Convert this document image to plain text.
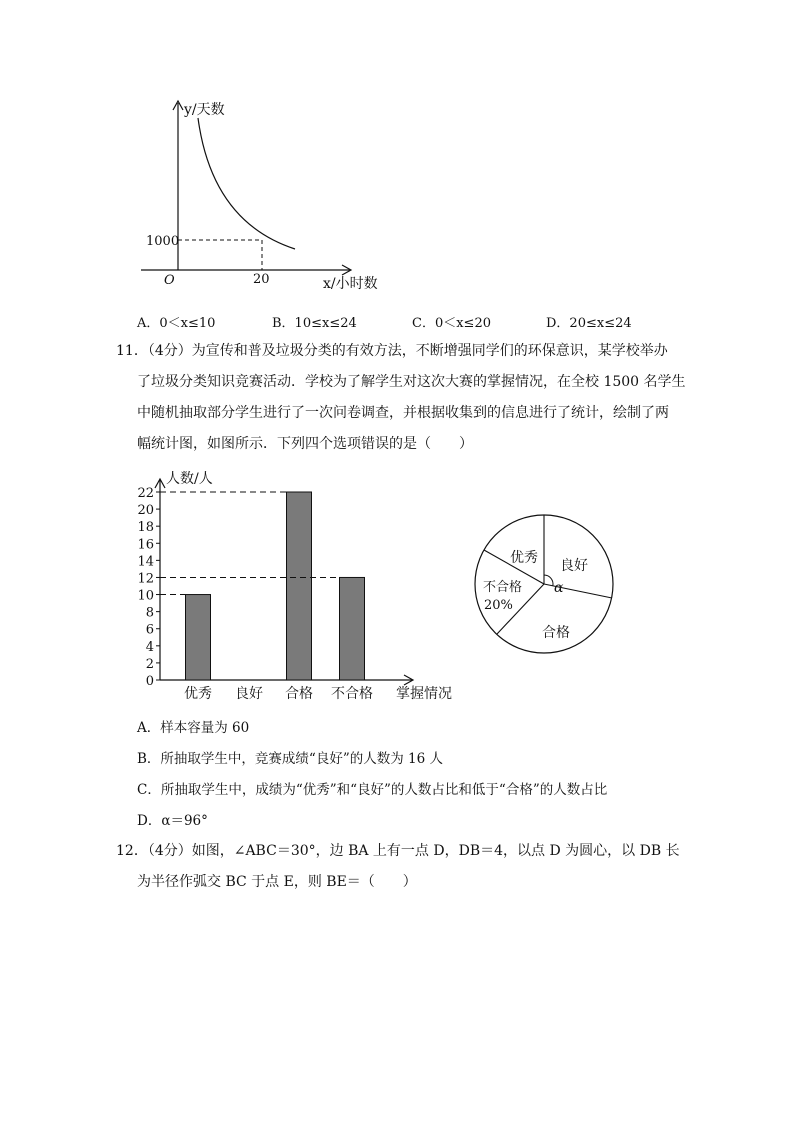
y/天数
x/小时数
O
1000
20
A．0＜x≤10	B．10≤x≤24	C．0＜x≤20	D．20≤x≤24
11．（4分）为宣传和普及垃圾分类的有效方法，不断增强同学们的环保意识，某学校举办
了垃圾分类知识竞赛活动．学校为了解学生对这次大赛的掌握情况，在全校 1500 名学生
中随机抽取部分学生进行了一次问卷调查，并根据收集到的信息进行了统计，绘制了两
幅统计图，如图所示．下列四个选项错误的是（　　）
0
2
4
6
8
10
12
14
16
18
20
22
优秀 良好 合格 不合格
人数/人
掌握情况
优秀 良好
α
不合格
20%
合格
A．样本容量为 60
B．所抽取学生中，竞赛成绩“良好”的人数为 16 人
C．所抽取学生中，成绩为“优秀”和“良好”的人数占比和低于“合格”的人数占比
D．α＝96°
12．（4分）如图，∠ABC＝30°，边 BA 上有一点 D，DB＝4，以点 D 为圆心，以 DB 长
为半径作弧交 BC 于点 E，则 BE＝（　　）
